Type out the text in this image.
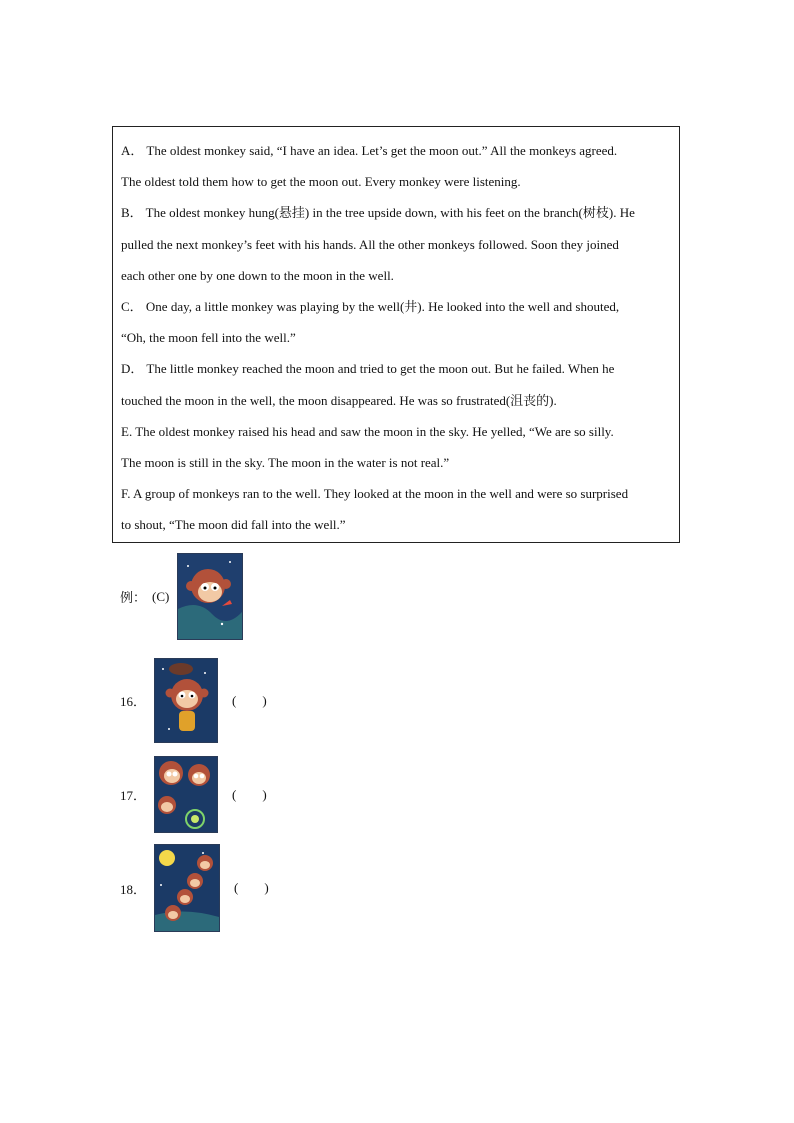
A． The oldest monkey said, “I have an idea. Let’s get the moon out.” All the monkeys agreed.

The oldest told them how to get the moon out. Every monkey were listening.

B． The oldest monkey hung(悬挂) in the tree upside down, with his feet on the branch(树枝). He

pulled the next monkey’s feet with his hands. All the other monkeys followed. Soon they joined

each other one by one down to the moon in the well.

C． One day, a little monkey was playing by the well(井). He looked into the well and shouted,

“Oh, the moon fell into the well.”

D． The little monkey reached the moon and tried to get the moon out. But he failed. When he

touched the moon in the well, the moon disappeared. He was so frustrated(沮丧的).

E. The oldest monkey raised his head and saw the moon in the sky. He yelled, “We are so silly.

The moon is still in the sky. The moon in the water is not real.”

F. A group of monkeys ran to the well. They looked at the moon in the well and were so surprised

to shout, “The moon did fall into the well.”

例： (C)
16．	(        )
17．	(        )
18．	(        )
